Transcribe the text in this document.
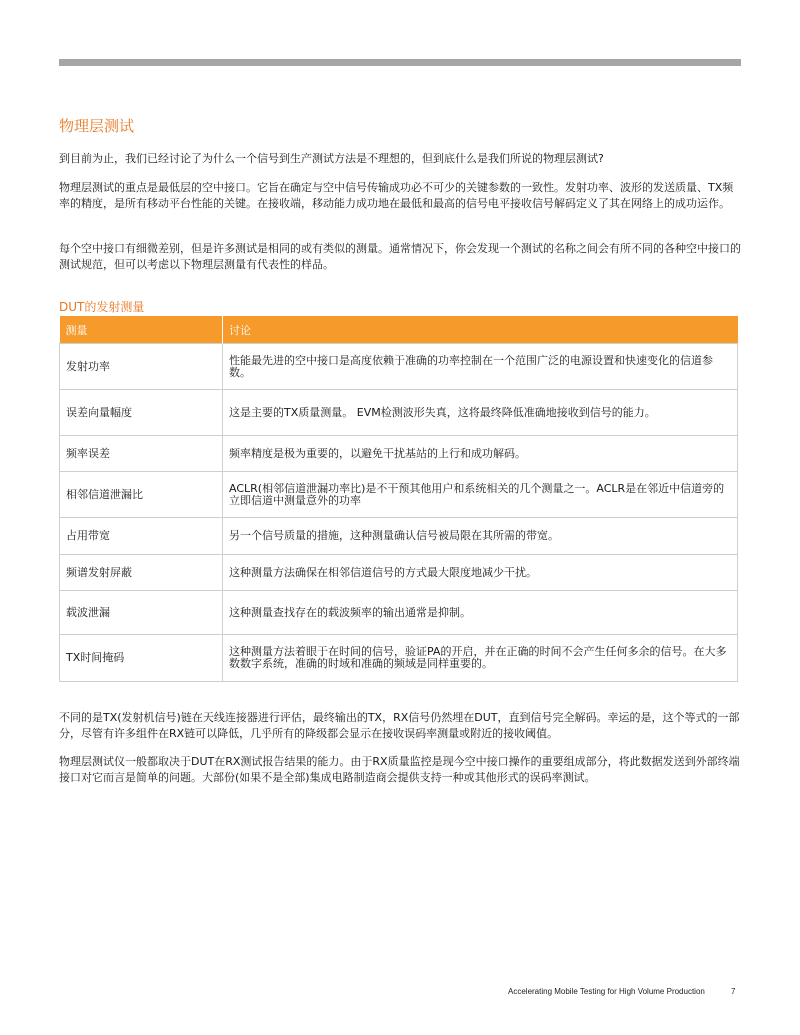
物理层测试
到目前为止，我们已经讨论了为什么一个信号到生产测试方法是不理想的，但到底什么是我们所说的物理层测试?
物理层测试的重点是最低层的空中接口。它旨在确定与空中信号传输成功必不可少的关键参数的一致性。发射功率、波形的发送质量、TX频率的精度，是所有移动平台性能的关键。在接收端，移动能力成功地在最低和最高的信号电平接收信号解码定义了其在网络上的成功运作。
每个空中接口有细微差别，但是许多测试是相同的或有类似的测量。通常情况下，你会发现一个测试的名称之间会有所不同的各种空中接口的测试规范，但可以考虑以下物理层测量有代表性的样品。
DUT的发射测量
测量	讨论
发射功率	性能最先进的空中接口是高度依赖于准确的功率控制在一个范围广泛的电源设置和快速变化的信道参数。
误差向量幅度	这是主要的TX质量测量。 EVM检测波形失真，这将最终降低准确地接收到信号的能力。
频率误差	频率精度是极为重要的，以避免干扰基站的上行和成功解码。
相邻信道泄漏比	ACLR(相邻信道泄漏功率比)是不干预其他用户和系统相关的几个测量之一。ACLR是在邻近中信道旁的立即信道中测量意外的功率
占用带宽	另一个信号质量的措施，这种测量确认信号被局限在其所需的带宽。
频谱发射屏蔽	这种测量方法确保在相邻信道信号的方式最大限度地减少干扰。
载波泄漏	这种测量查找存在的载波频率的输出通常是抑制。
TX时间掩码	这种测量方法着眼于在时间的信号，验证PA的开启，并在正确的时间不会产生任何多余的信号。在大多数数字系统，准确的时域和准确的频域是同样重要的。
不同的是TX(发射机信号)链在天线连接器进行评估，最终输出的TX，RX信号仍然埋在DUT，直到信号完全解码。幸运的是，这个等式的一部分，尽管有许多组件在RX链可以降低，几乎所有的降级都会显示在接收误码率测量或附近的接收阈值。
物理层测试仪一般都取决于DUT在RX测试报告结果的能力。由于RX质量监控是现今空中接口操作的重要组成部分，将此数据发送到外部终端接口对它而言是简单的问题。大部份(如果不是全部)集成电路制造商会提供支持一种或其他形式的误码率测试。
Accelerating Mobile Testing for High Volume Production	7
